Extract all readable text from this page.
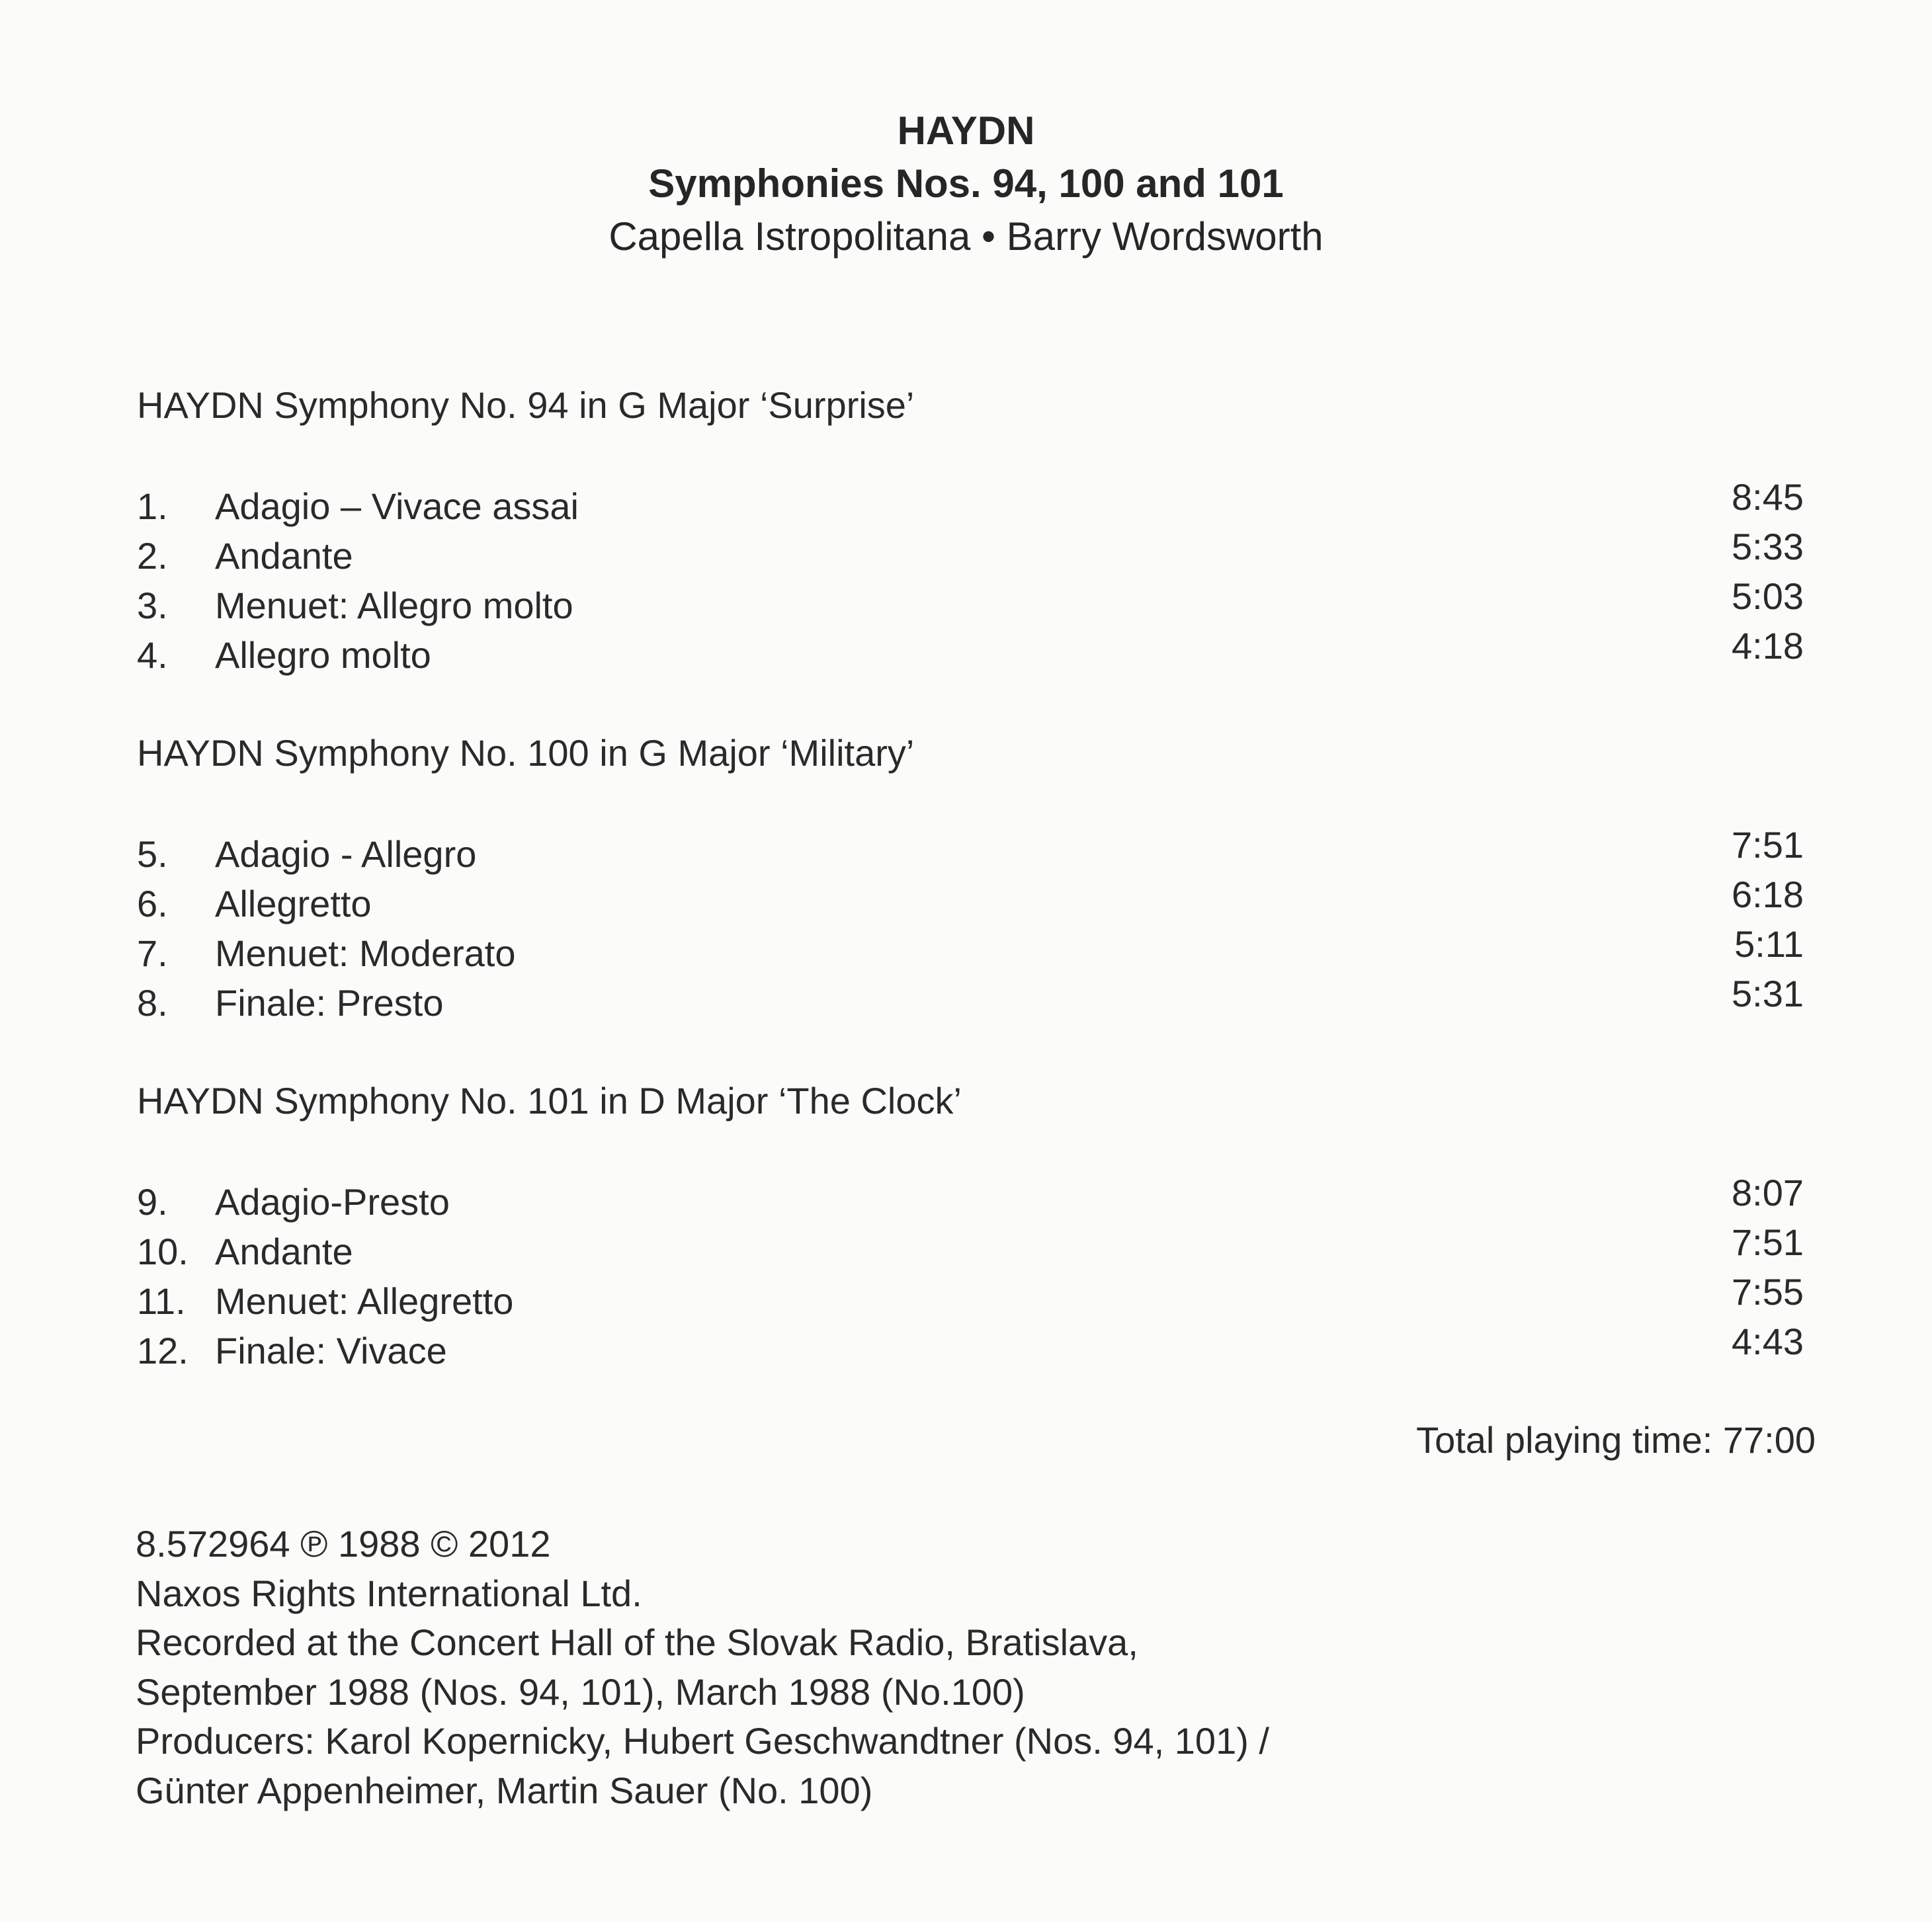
HAYDN
Symphonies Nos. 94, 100 and 101
Capella Istropolitana • Barry Wordsworth
HAYDN Symphony No. 94 in G Major ‘Surprise’
1.	Adagio – Vivace assai	8:45
2.	Andante	5:33
3.	Menuet: Allegro molto	5:03
4.	Allegro molto	4:18
HAYDN Symphony No. 100 in G Major ‘Military’
5.	Adagio - Allegro	7:51
6.	Allegretto	6:18
7.	Menuet: Moderato	5:11
8.	Finale: Presto	5:31
HAYDN Symphony No. 101 in D Major ‘The Clock’
9.	Adagio-Presto	8:07
10. Andante	7:51
11. Menuet: Allegretto	7:55
12. Finale: Vivace	4:43
Total playing time: 77:00
8.572964 ℗ 1988 © 2012
Naxos Rights International Ltd.
Recorded at the Concert Hall of the Slovak Radio, Bratislava,
September 1988 (Nos. 94, 101), March 1988 (No.100)
Producers: Karol Kopernicky, Hubert Geschwandtner (Nos. 94, 101) /
Günter Appenheimer, Martin Sauer (No. 100)
